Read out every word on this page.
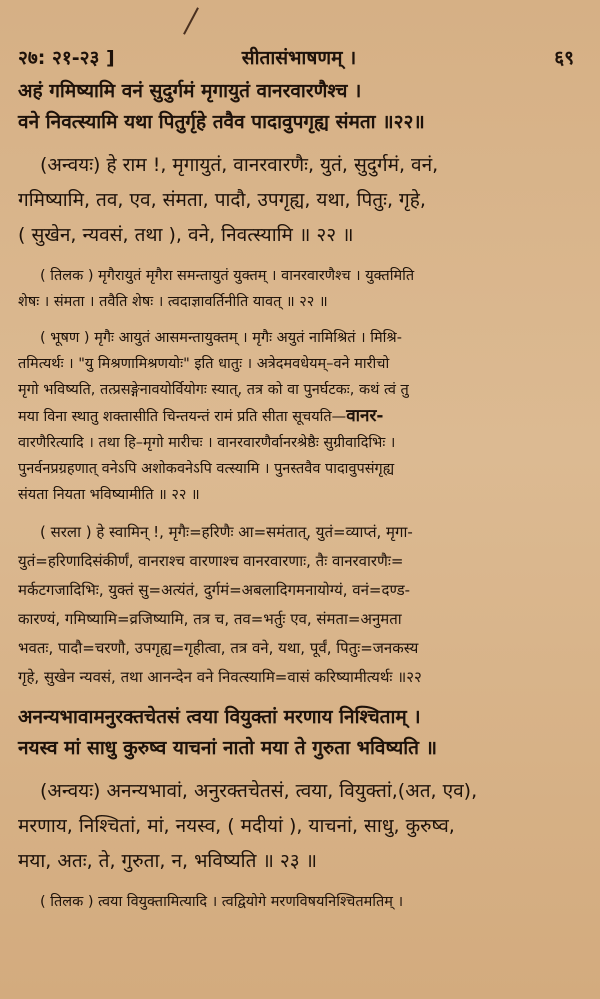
२७: २१-२३ ]	सीतासंभाषणम् ।	६९
अहं गमिष्यामि वनं सुदुर्गमं मृगायुतं वानरवारणैश्च ।
वने निवत्स्यामि यथा पितुर्गृहे तवैव पादावुपगृह्य संमता ॥२२॥
(अन्वयः) हे राम !, मृगायुतं, वानरवारणैः, युतं, सुदुर्गमं, वनं,
गमिष्यामि, तव, एव, संमता, पादौ, उपगृह्य, यथा, पितुः, गृहे,
( सुखेन, न्यवसं, तथा ), वने, निवत्स्यामि ॥ २२ ॥
( तिलक ) मृगैरायुतं मृगैरा समन्तायुतं युक्तम् । वानरवारणैश्च । युक्तमिति
शेषः । संमता । तवैति शेषः । त्वदाज्ञावर्तिनीति यावत् ॥ २२ ॥
( भूषण ) मृगैः आयुतं आसमन्तायुक्तम् । मृगैः अयुतं नामिश्रितं । मिश्रि-
तमित्यर्थः । "यु मिश्रणामिश्रणयोः" इति धातुः । अत्रेदमवधेयम्–वने मारीचो
मृगो भविष्यति, तत्प्रसङ्गेनावयोर्वियोगः स्यात्, तत्र को वा पुनर्घटकः, कथं त्वं तु
मया विना स्थातु शक्तासीति चिन्तयन्तं रामं प्रति सीता सूचयति—वानर-
वारणैरित्यादि । तथा हि–मृगो मारीचः । वानरवारणैर्वानरश्रेष्ठैः सुग्रीवादिभिः ।
पुनर्वनप्रग्रहणात् वनेऽपि अशोकवनेऽपि वत्स्यामि । पुनस्तवैव पादावुपसंगृह्य
संयता नियता भविष्यामीति ॥ २२ ॥
( सरला ) हे स्वामिन् !, मृगैः=हरिणैः आ=समंतात्, युतं=व्याप्तं, मृगा-
युतं=हरिणादिसंकीर्णं, वानराश्च वारणाश्च वानरवारणाः, तैः वानरवारणैः=
मर्कटगजादिभिः, युक्तं सु=अत्यंतं, दुर्गमं=अबलादिगमनायोग्यं, वनं=दण्ड-
कारण्यं, गमिष्यामि=व्रजिष्यामि, तत्र च, तव=भर्तुः एव, संमता=अनुमता
भवतः, पादौ=चरणौ, उपगृह्य=गृहीत्वा, तत्र वने, यथा, पूर्वं, पितुः=जनकस्य
गृहे, सुखेन न्यवसं, तथा आनन्देन वने निवत्स्यामि=वासं करिष्यामीत्यर्थः ॥२२
अनन्यभावामनुरक्तचेतसं त्वया वियुक्तां मरणाय निश्चिताम् ।
नयस्व मां साधु कुरुष्व याचनां नातो मया ते गुरुता भविष्यति ॥
(अन्वयः) अनन्यभावां, अनुरक्तचेतसं, त्वया, वियुक्तां,(अत, एव),
मरणाय, निश्चितां, मां, नयस्व, ( मदीयां ), याचनां, साधु, कुरुष्व,
मया, अतः, ते, गुरुता, न, भविष्यति ॥ २३ ॥
( तिलक ) त्वया वियुक्तामित्यादि । त्वद्वियोगे मरणविषयनिश्चितमतिम् ।
